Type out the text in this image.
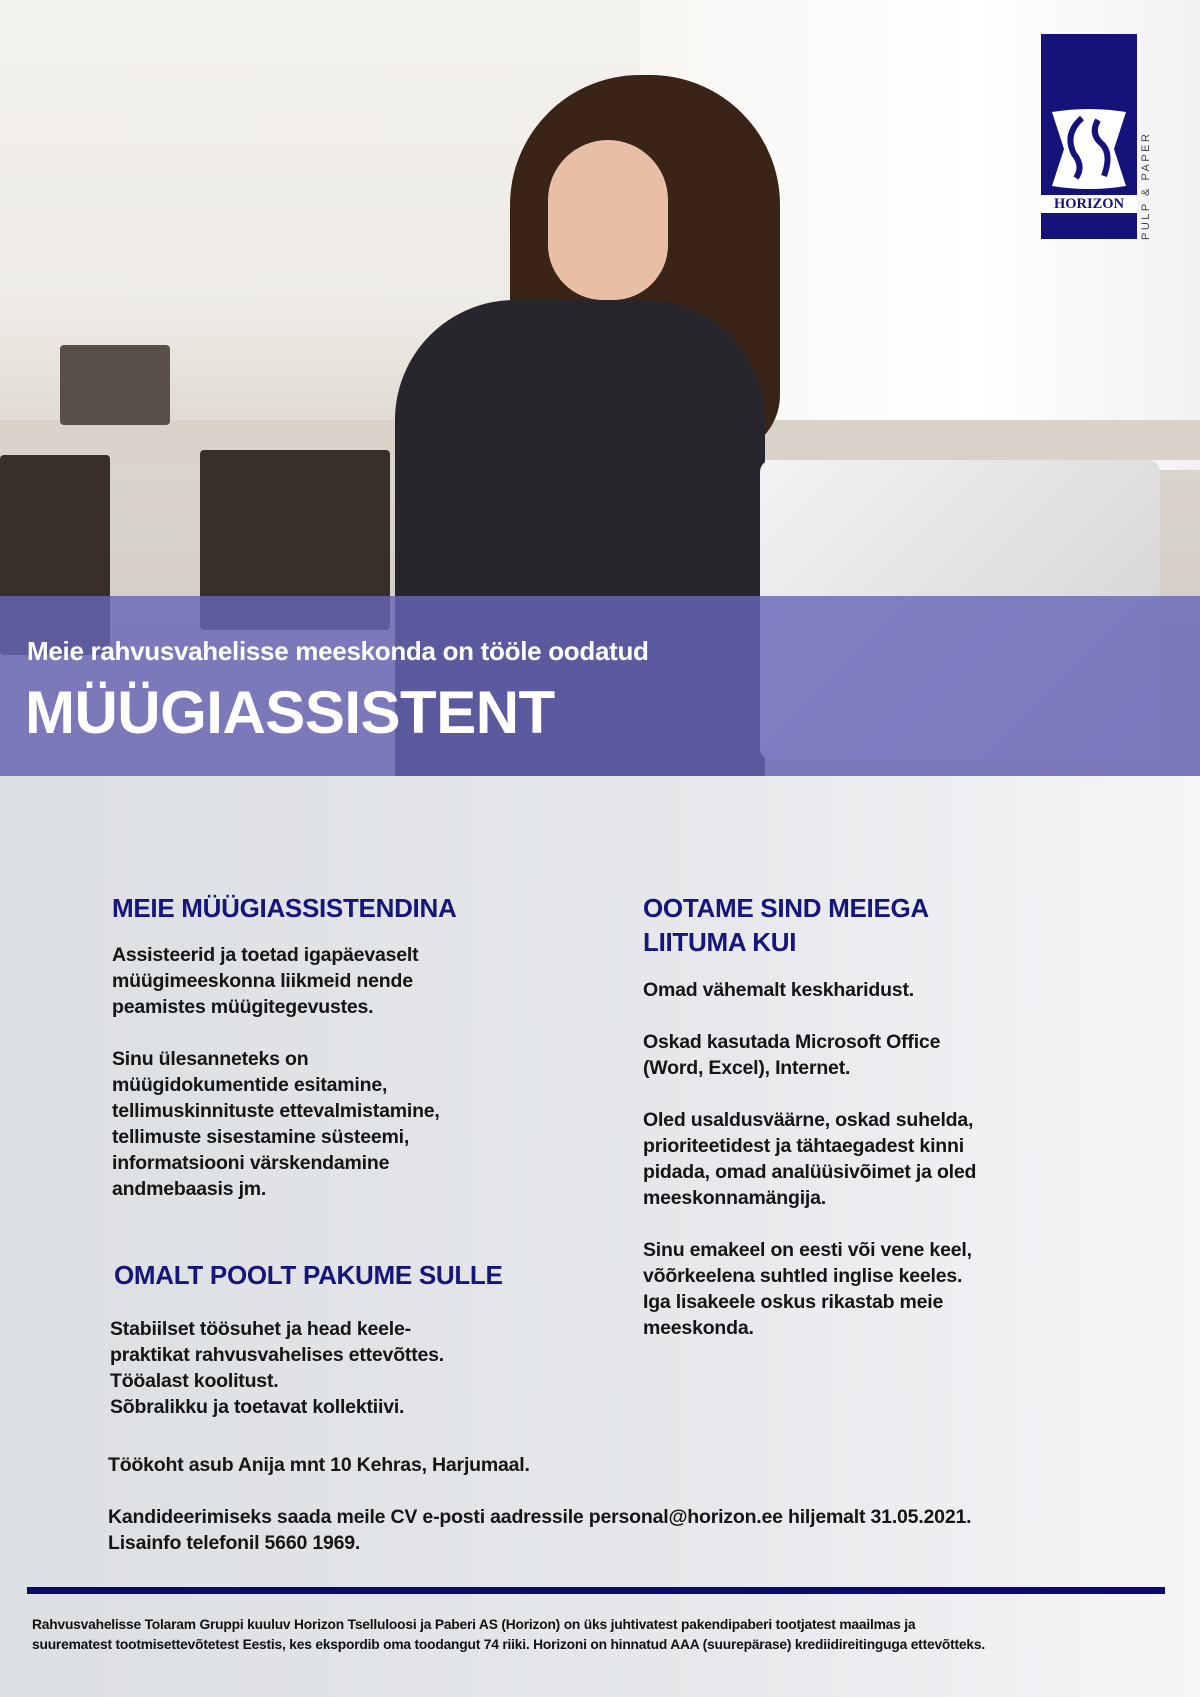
HORIZON	PULP & PAPER
Meie rahvusvahelisse meeskonda on tööle oodatud
MÜÜGIASSISTENT
MEIE MÜÜGIASSISTENDINA
Assisteerid ja toetad igapäevaselt
müügimeeskonna liikmeid nende
peamistes müügitegevustes.
Sinu ülesanneteks on
müügidokumentide esitamine,
tellimuskinnituste ettevalmistamine,
tellimuste sisestamine süsteemi,
informatsiooni värskendamine
andmebaasis jm.
OMALT POOLT PAKUME SULLE
Stabiilset töösuhet ja head keele-
praktikat rahvusvahelises ettevõttes.
Tööalast koolitust.
Sõbralikku ja toetavat kollektiivi.
OOTAME SIND MEIEGA
LIITUMA KUI
Omad vähemalt keskharidust.
Oskad kasutada Microsoft Office
(Word, Excel), Internet.
Oled usaldusväärne, oskad suhelda,
prioriteetidest ja tähtaegadest kinni
pidada, omad analüüsivõimet ja oled
meeskonnamängija.
Sinu emakeel on eesti või vene keel,
võõrkeelena suhtled inglise keeles.
Iga lisakeele oskus rikastab meie
meeskonda.
Töökoht asub Anija mnt 10 Kehras, Harjumaal.
Kandideerimiseks saada meile CV e-posti aadressile personal@horizon.ee hiljemalt 31.05.2021.
Lisainfo telefonil 5660 1969.
Rahvusvahelisse Tolaram Gruppi kuuluv Horizon Tselluloosi ja Paberi AS (Horizon) on üks juhtivatest pakendipaberi tootjatest maailmas ja
suurematest tootmisettevõtetest Eestis, kes ekspordib oma toodangut 74 riiki. Horizoni on hinnatud AAA (suurepärase) krediidireitinguga ettevõtteks.
